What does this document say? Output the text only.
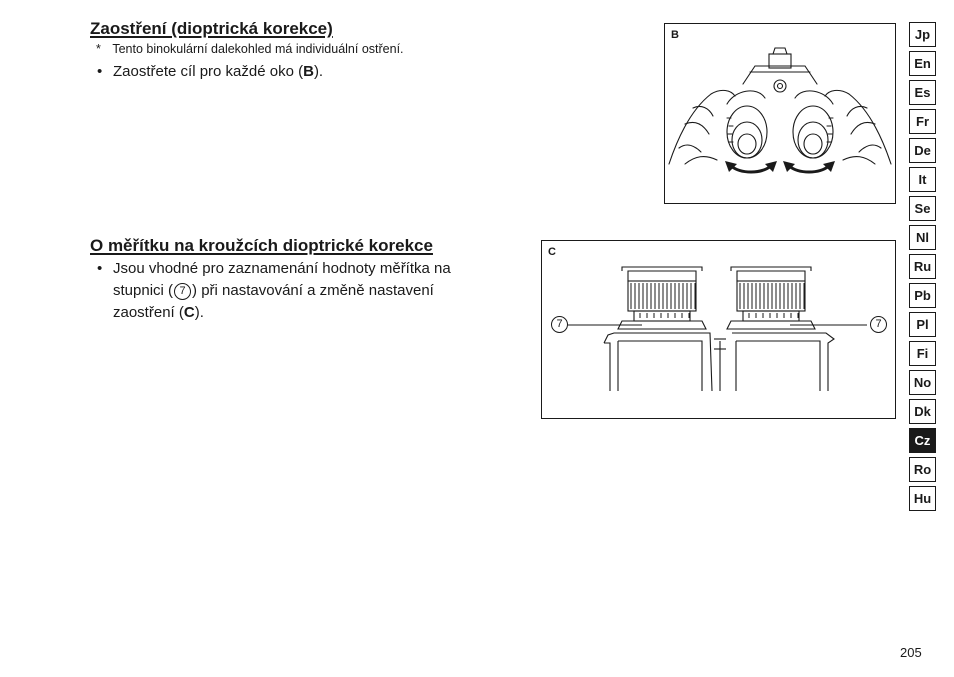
Zaostření (dioptrická korekce)
* Tento binokulární dalekohled má individuální ostření.
• Zaostřete cíl pro každé oko (B).
O měřítku na kroužcích dioptrické korekce
• Jsou vhodné pro zaznamenání hodnoty měřítka na
stupnici ( 7 ) při nastavování a změně nastavení
zaostření (C).
B
C
7	7
Jp
En
Es
Fr
De
It
Se
Nl
Ru
Pb
Pl
Fi
No
Dk
Cz
Ro
Hu
205
